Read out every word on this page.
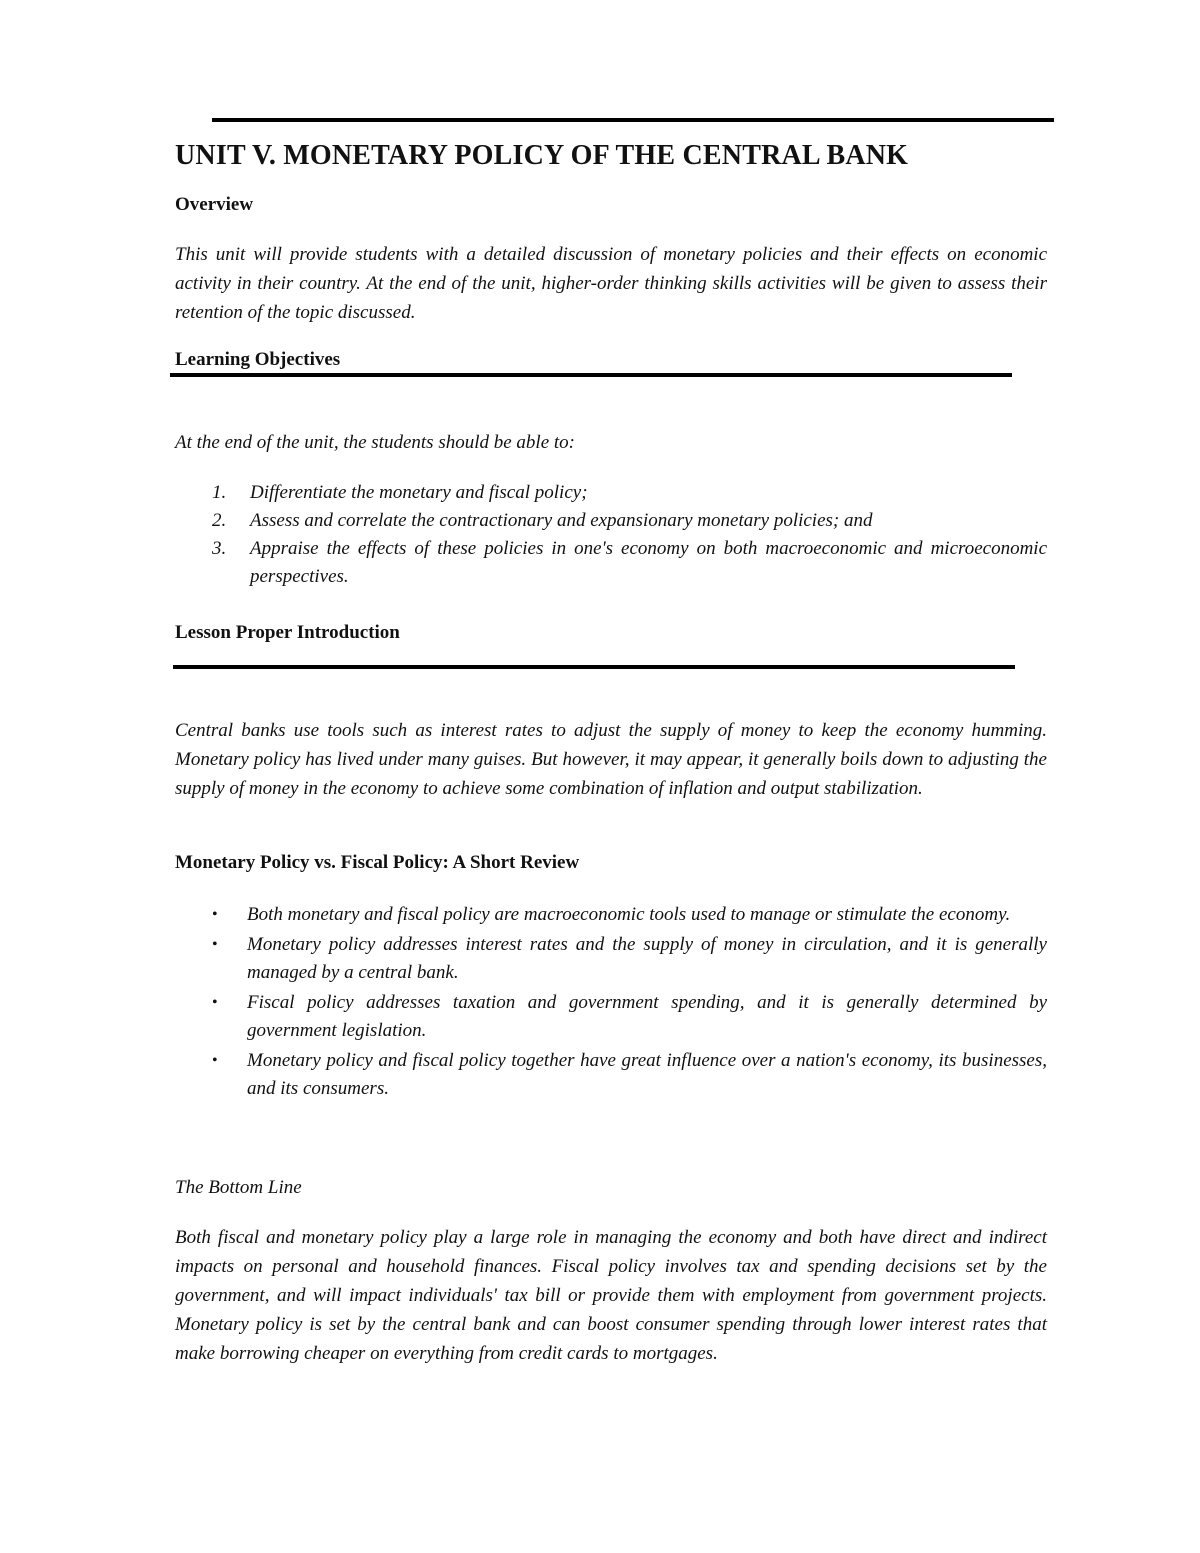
UNIT V. MONETARY POLICY OF THE CENTRAL BANK
Overview

This unit will provide students with a detailed discussion of monetary policies and their effects on economic activity in their country. At the end of the unit, higher-order thinking skills activities will be given to assess their retention of the topic discussed.

Learning Objectives

At the end of the unit, the students should be able to:

1. Differentiate the monetary and fiscal policy;
2. Assess and correlate the contractionary and expansionary monetary policies; and
3. Appraise the effects of these policies in one's economy on both macroeconomic and microeconomic perspectives.
Lesson Proper Introduction

Central banks use tools such as interest rates to adjust the supply of money to keep the economy humming. Monetary policy has lived under many guises. But however, it may appear, it generally boils down to adjusting the supply of money in the economy to achieve some combination of inflation and output stabilization.

Monetary Policy vs. Fiscal Policy: A Short Review
• Both monetary and fiscal policy are macroeconomic tools used to manage or stimulate the economy.
• Monetary policy addresses interest rates and the supply of money in circulation, and it is generally managed by a central bank.
• Fiscal policy addresses taxation and government spending, and it is generally determined by government legislation.
• Monetary policy and fiscal policy together have great influence over a nation's economy, its businesses, and its consumers.

The Bottom Line

Both fiscal and monetary policy play a large role in managing the economy and both have direct and indirect impacts on personal and household finances. Fiscal policy involves tax and spending decisions set by the government, and will impact individuals' tax bill or provide them with employment from government projects. Monetary policy is set by the central bank and can boost consumer spending through lower interest rates that make borrowing cheaper on everything from credit cards to mortgages.
